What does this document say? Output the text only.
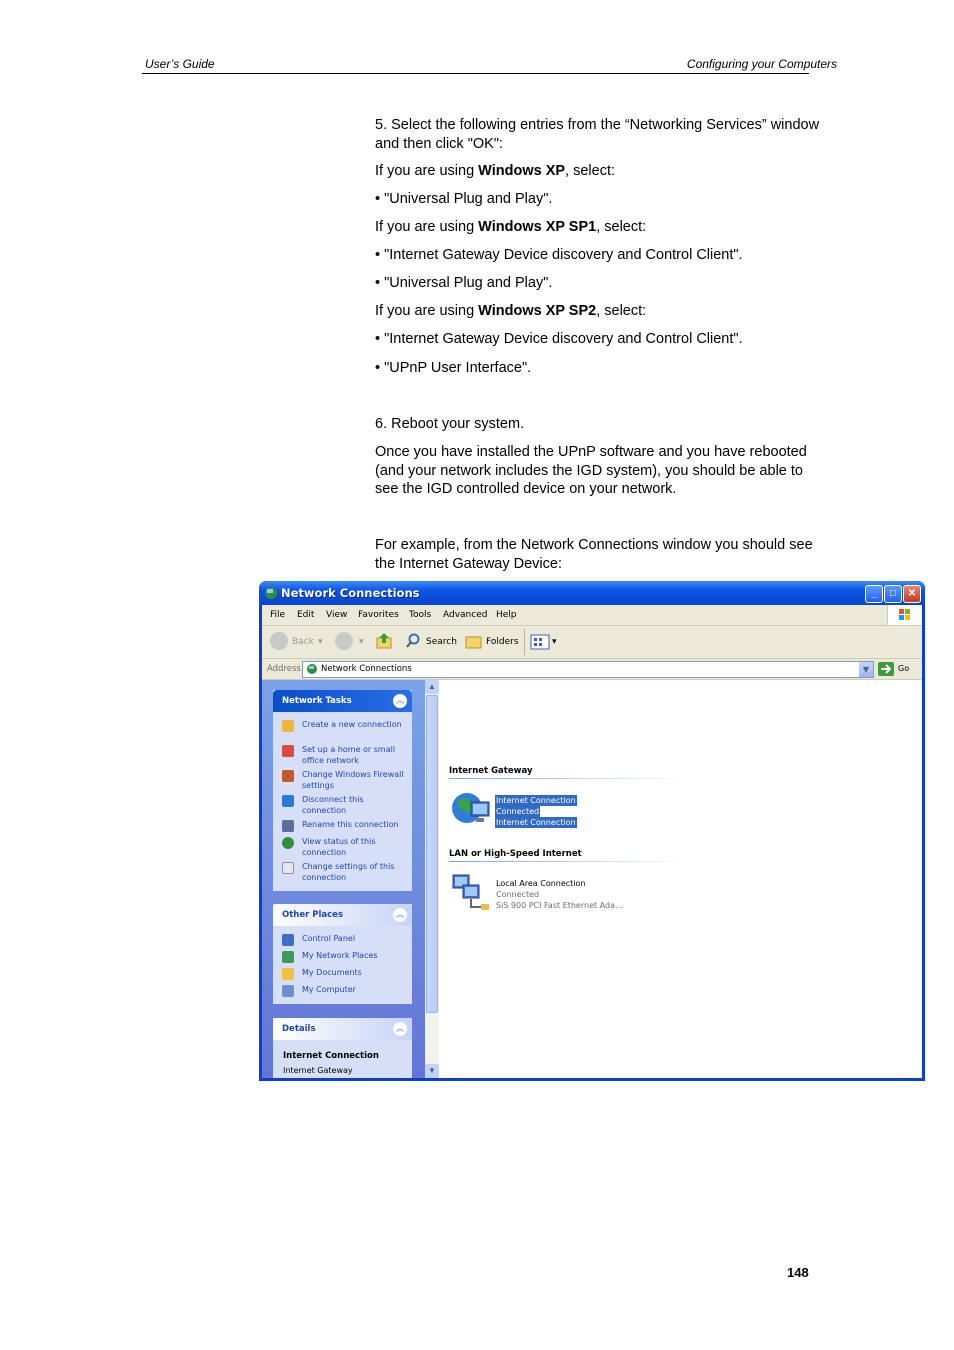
User’s Guide	Configuring your Computers

5. Select the following entries from the “Networking Services” window and then click "OK":

If you are using Windows XP, select:

• "Universal Plug and Play".

If you are using Windows XP SP1, select:

• "Internet Gateway Device discovery and Control Client".

• "Universal Plug and Play".

If you are using Windows XP SP2, select:

• "Internet Gateway Device discovery and Control Client".

• "UPnP User Interface".

6. Reboot your system.

Once you have installed the UPnP software and you have rebooted (and your network includes the IGD system), you should be able to see the IGD controlled device on your network.

For example, from the Network Connections window you should see the Internet Gateway Device:

Network Connections	_	□	✕
File Edit View Favorites Tools Advanced Help
Back ▾	▾	Search	Folders	▾
Address Network Connections	▼	Go
Network Tasks	︽
Create a new connection
Set up a home or small office network
Change Windows Firewall settings
Disconnect this connection
Rename this connection
View status of this connection
Change settings of this connection
Other Places	︽
Control Panel
My Network Places
My Documents
My Computer
Details	︽
Internet Connection
Internet Gateway
▲
▼
Internet Gateway
Internet Connection
Connected
Internet Connection
LAN or High-Speed Internet
Local Area Connection
Connected
SiS 900 PCI Fast Ethernet Ada...
148
